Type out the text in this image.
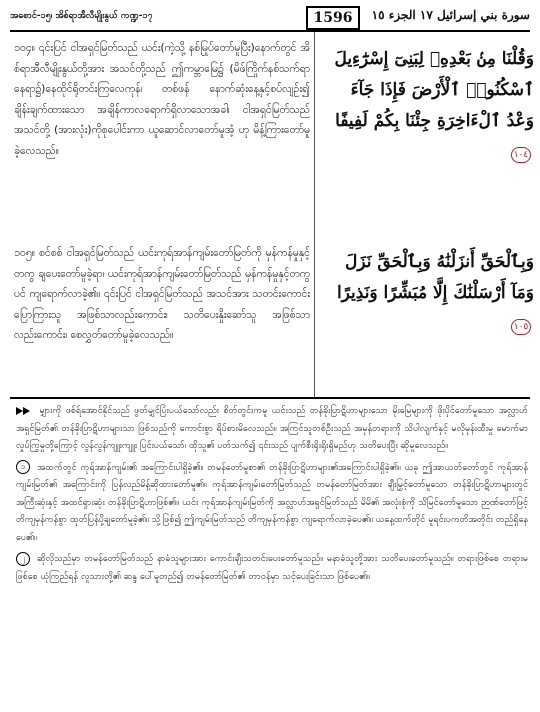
အစောင်-၁၅၊ အိစ်ရာအီလီမျိုးနွယ် ကဏ္ဍ-၁၇	1596	سورة بني إسرائيل ١٧ الجزء ١٥
၁၀၄။ ၎င်းပြင် ငါအရှင်မြတ်သည် ယင်း(ကဲ့သို့ နစ်မြုပ်တော်မူပြီး)နောက်တွင် အိစ်ရာအီလီမျိုးနွယ်တို့အား အသင်တို့သည် ဤကမ္ဘာမြေ၌ (မိဖ်ကြိုက်နစ်သက်ရာနေရာ၌)နေထိုင်ရိုတင်းကြလေကုန်၊ တစ်ဖန် နောက်ဆုံးနေ့နှင့်စပ်လျဉ်း၍ ချိန်းချက်ထားသော အချိန်ကာလရောက်ရှိလာသောအခါ၊ ငါအရှင်မြတ်သည် အသင်တို့ (အားလုံး)ကိုစုပေါင်းကာ ယူဆောင်လာတော်မူအံ့ ဟု မိန့်ကြားတော်မူခဲ့လေသည်။
وَقُلْنَا مِنۢ بَعْدِهِۦ لِبَنِىٓ إِسْرَٰٓءِيلَ ٱسْكُنُوا۟ ٱلْأَرْضَ فَإِذَا جَآءَ وَعْدُ ٱلْءَاخِرَةِ جِئْنَا بِكُمْ لَفِيفًا ١٠٤
၁၀၅။ စင်စစ် ငါအရှင်မြတ်သည် ယင်းကုရ်အာန်ကျမ်းတော်မြတ်ကို မှန်ကန်မှုနှင့်တကွ ချပေးတော်မူခဲ့ရာ၊ ယင်းကုရ်အာန်ကျမ်းတော်မြတ်သည် မှန်ကန်မှုနှင့်တကွပင် ကျရောက်လာခဲ့၏။ ၎င်းပြင် ငါအရှင်မြတ်သည် အသင်အား သတင်းကောင်းပြောကြားသူ အဖြစ်သာလည်းကောင်း၊ သတိပေးနှိုးဆော်သူ အဖြစ်သာလည်းကောင်း၊ စေလွှတ်တော်မူခဲ့လေသည်။
وَبِٱلْحَقِّ أَنزَلْنَٰهُ وَبِٱلْحَقِّ نَزَلَ وَمَآ أَرْسَلْنَٰكَ إِلَّا مُبَشِّرًا وَنَذِيرًا ١٠٥

မျှားကို ဖစ်ရ်အောင်နိုင်သည် ဖွတ်မျှင်ပြံးပယ်သော်လည်း စိတ်တွင်းကမူ ယင်းသည် တန်ခိုးပြာဋိဟာများသော မိုးမြေများကို ဖိုးပိုင်တော်မူသော အလ္လာဟ်အရှင်မြတ်၏ တန်ခိုးပြာဋိဟာများသာ ဖြစ်သည်ကို ကောင်းစွာ ရိပ်စားမိလေသည်။ အကြင်သူတစ်ဦးသည် အမှန်တရားကို သိပါလျက်နှင့် မလိုမုန်းထီးမှု မောက်မာလှုပ်ကြွမှုတို့ကြောင့် လွန်လွန်ကျူးကျူး ပြင်းပယ်သော်၊ ထိုသူ၏ ပတ်သက်၍ ၎င်းသည် ပျက်စီးရိုးရိုးရှိမည်ဟု သတိပေးပြီး ဆိုမူလေသည်။

၁ အထက်တွင် ကုရ်အာန်ကျမ်း၏ အကြောင်းပါရှိခဲ့၏။ တမန်တော်မူစာ၏ တန်ခိုးပြာဋိဟာများ၏အကြောင်းပါရှိခဲ့၏။ ယခု ဤအာယတ်တော်တွင် ကုရ်အာန်ကျမ်းမြတ်၏ အကြောင်းကို ပြန်လည်မိန့်ဆိုထားတော်မူ၏။ ကုရ်အာန်ကျမ်းတော်မြတ်သည် တမန်တော်မြတ်အား ချီးမြှင့်တော်မူသော တန်ခိုးပြာဋိဟာများတွင် အကြီးဆုံးနှင့် အထင်ရှားဆုံး တန်ခိုးပြာဋိဟာဖြစ်၏။ ယင်း ကုရ်အာန်ကျမ်းမြတ်ကို အလ္လာဟ်အရှင်မြတ်သည် မိမိ၏ အလုံးစုံကို သိမြင်တော်မူသော ဉာဏ်တော်ဖြင့် တိကျမှန်ကန်စွာ ထုတ်ပြန်ပို့ချတော်မူခဲ့၏။ သို့ဖြစ်၍ ဤကျမ်းမြတ်သည် တိကျမှန်ကန်စွာ ကျရောက်လာခဲ့ပေ၏။ ယနေ့ထက်တိုင် မူရင်းပကတိအတိုင်း တည်ရှိနေပေ၏။

၂ ဆိုလိုသည်မှာ တမန်တော်မြတ်သည် နာခံသူများအား ကောင်းချီးသတင်းပေးတော်မူသည်။ မနာခံသူတို့အား သတိပေးတော်မူသည်။ တရားဖြစ်စေ တရားမဖြစ်စေ ယုံကြည်ရန် လူသားတို့၏ ဆန္ဒ ပေါ်မူတည်၍ တမန်တော်မြတ်၏ တာဝန်မှာ သင့်ပေးခြင်းသာ ဖြစ်ပေ၏။
